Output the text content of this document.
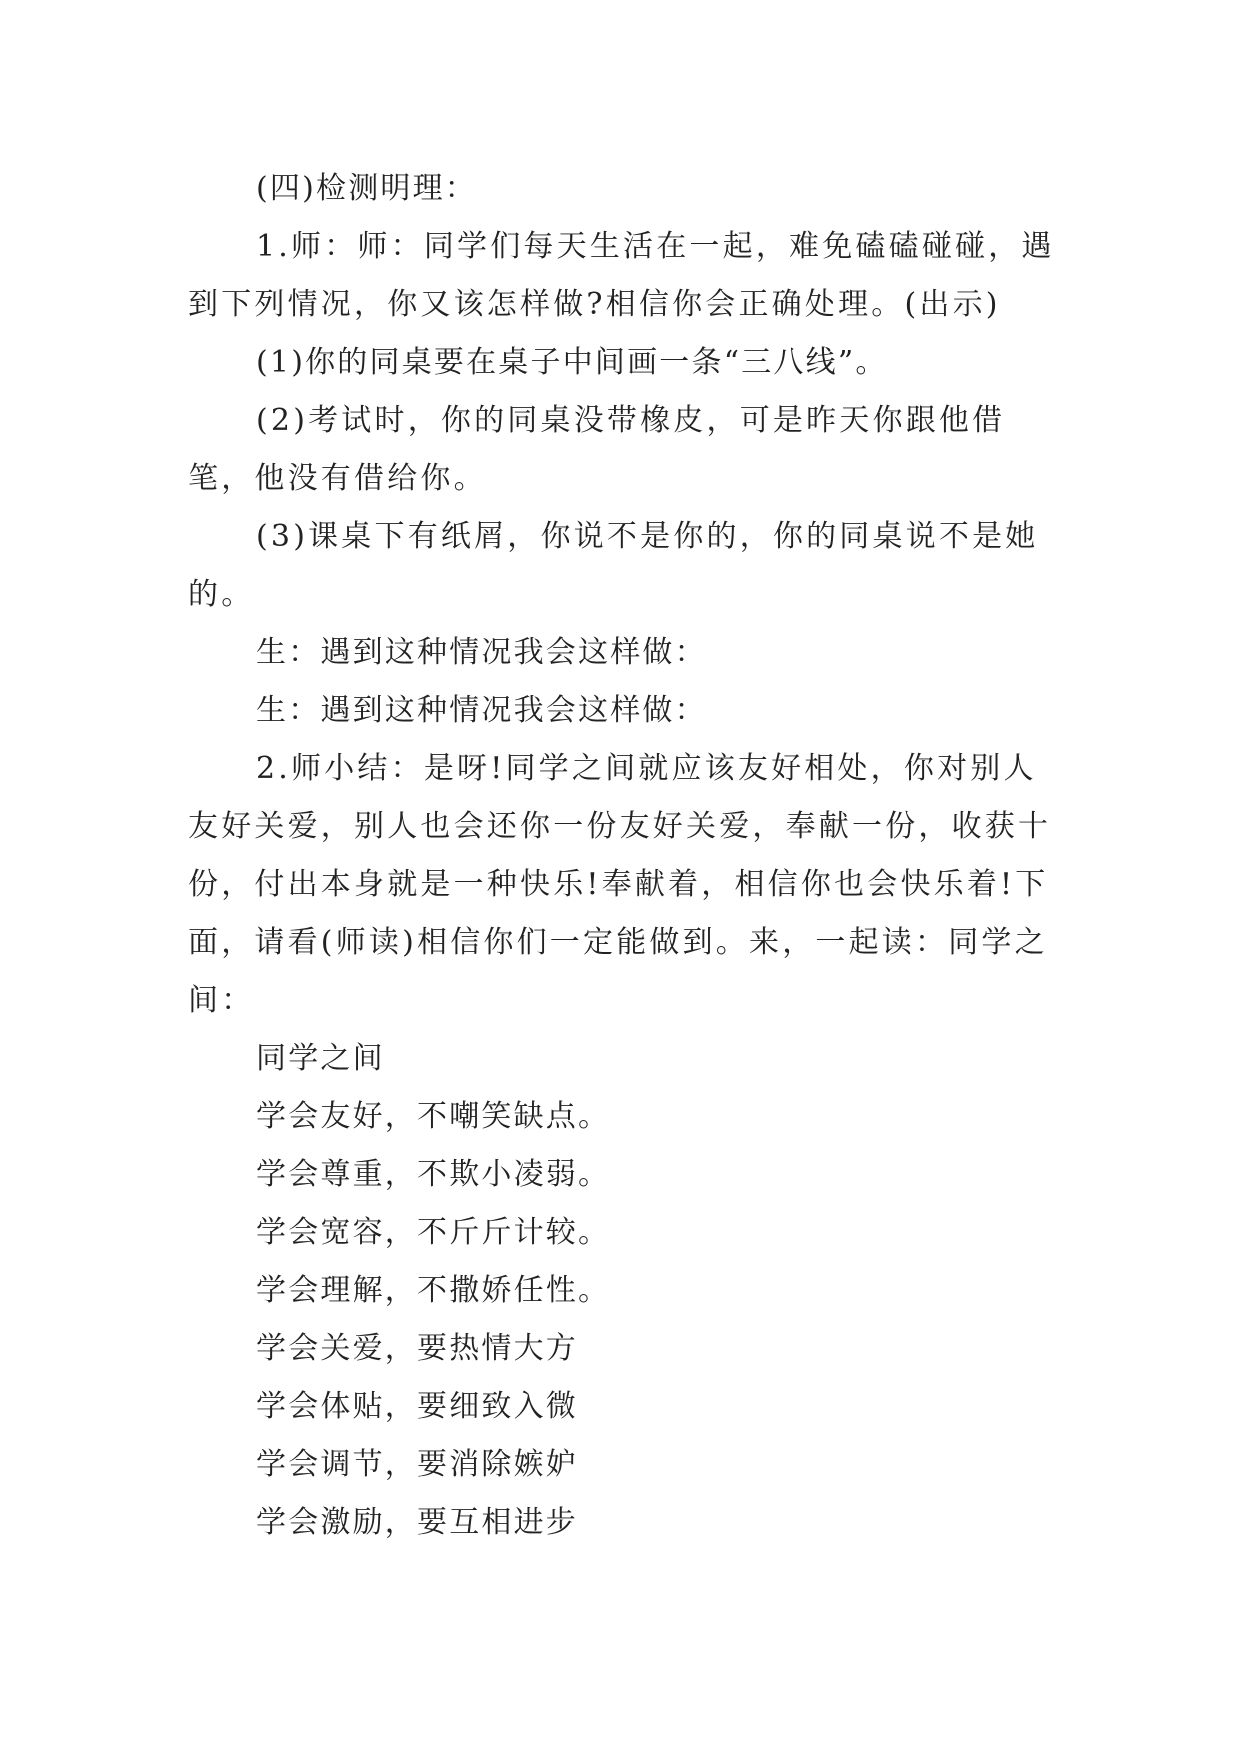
(四)检测明理：

1.师：师：同学们每天生活在一起，难免磕磕碰碰，遇到下列情况，你又该怎样做?相信你会正确处理。(出示)

(1)你的同桌要在桌子中间画一条“三八线”。

(2)考试时，你的同桌没带橡皮，可是昨天你跟他借笔，他没有借给你。

(3)课桌下有纸屑，你说不是你的，你的同桌说不是她的。

生：遇到这种情况我会这样做：

生：遇到这种情况我会这样做：

2.师小结：是呀!同学之间就应该友好相处，你对别人友好关爱，别人也会还你一份友好关爱，奉献一份，收获十份，付出本身就是一种快乐!奉献着，相信你也会快乐着!下面，请看(师读)相信你们一定能做到。来，一起读：同学之间：

同学之间

学会友好，不嘲笑缺点。

学会尊重，不欺小凌弱。

学会宽容，不斤斤计较。

学会理解，不撒娇任性。

学会关爱，要热情大方

学会体贴，要细致入微

学会调节，要消除嫉妒

学会激励，要互相进步
